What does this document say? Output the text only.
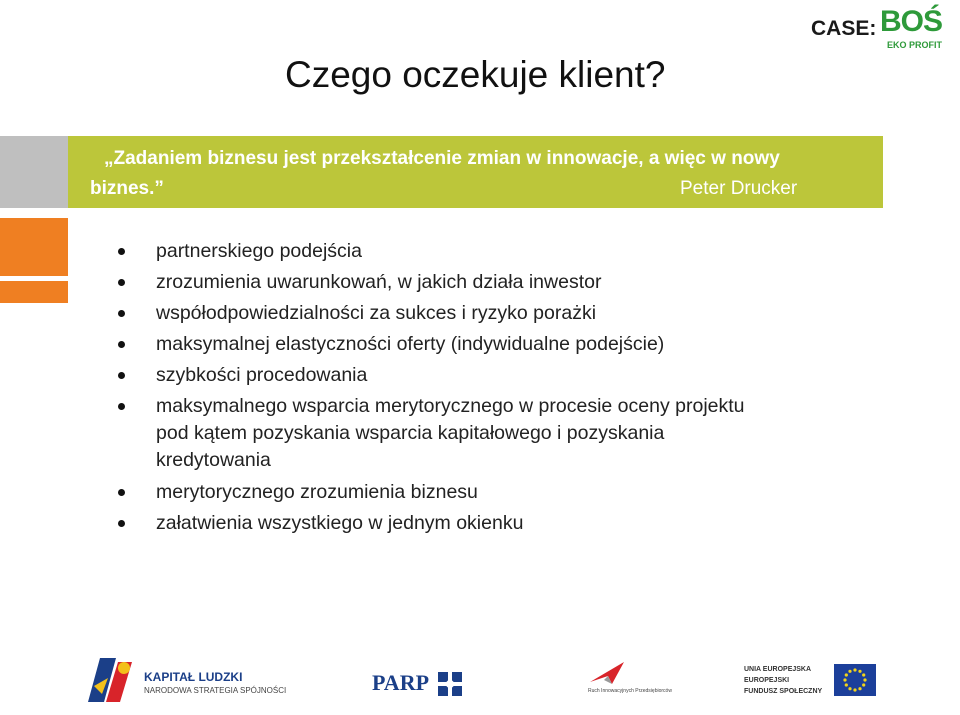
CASE: BOŚ
EKO PROFIT
Czego oczekuje klient?
„Zadaniem biznesu jest przekształcenie zmian w innowacje, a więc w nowy
biznes.”	Peter Drucker
partnerskiego podejścia
zrozumienia uwarunkowań, w jakich działa inwestor
współodpowiedzialności za sukces i ryzyko porażki
maksymalnej elastyczności oferty (indywidualne podejście)
szybkości procedowania
maksymalnego wsparcia merytorycznego w procesie oceny projektu
pod kątem pozyskania wsparcia kapitałowego i pozyskania
kredytowania
merytorycznego zrozumienia biznesu
załatwienia wszystkiego w jednym okienku
KAPITAŁ LUDZKI
NARODOWA STRATEGIA SPÓJNOŚCI	PARP	Ruch Innowacyjnych Przedsiębiorców
UNIA EUROPEJSKA
EUROPEJSKI
FUNDUSZ SPOŁECZNY
